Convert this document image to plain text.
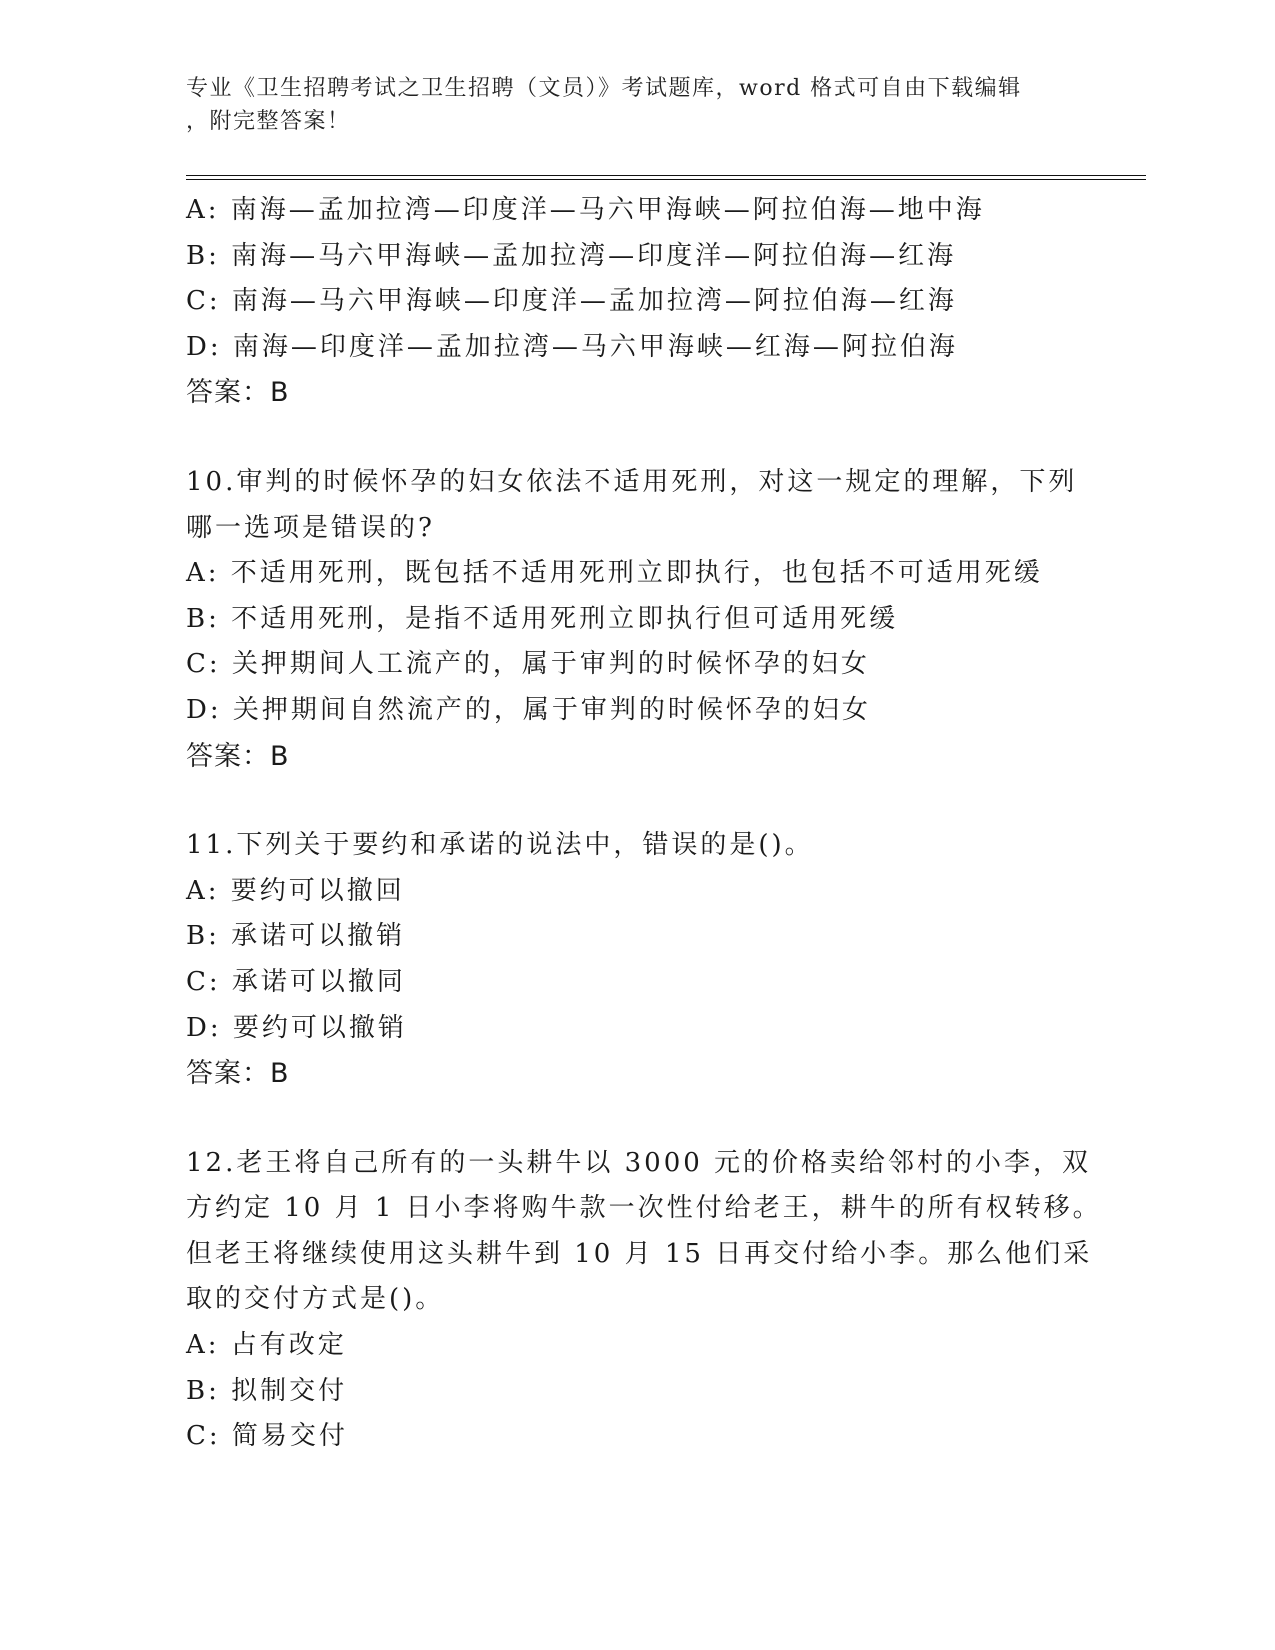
专业《卫生招聘考试之卫生招聘（文员）》考试题库，word 格式可自由下载编辑
，附完整答案！
A: 南海—孟加拉湾—印度洋—马六甲海峡—阿拉伯海—地中海
B: 南海—马六甲海峡—孟加拉湾—印度洋—阿拉伯海—红海
C: 南海—马六甲海峡—印度洋—孟加拉湾—阿拉伯海—红海
D: 南海—印度洋—孟加拉湾—马六甲海峡—红海—阿拉伯海
答案：B
10.审判的时候怀孕的妇女依法不适用死刑，对这一规定的理解，下列
哪一选项是错误的?
A: 不适用死刑，既包括不适用死刑立即执行，也包括不可适用死缓
B: 不适用死刑，是指不适用死刑立即执行但可适用死缓
C: 关押期间人工流产的，属于审判的时候怀孕的妇女
D: 关押期间自然流产的，属于审判的时候怀孕的妇女
答案：B
11.下列关于要约和承诺的说法中，错误的是()。
A: 要约可以撤回
B: 承诺可以撤销
C: 承诺可以撤同
D: 要约可以撤销
答案：B
12.老王将自己所有的一头耕牛以 3000 元的价格卖给邻村的小李，双
方约定 10 月 1 日小李将购牛款一次性付给老王，耕牛的所有权转移。
但老王将继续使用这头耕牛到 10 月 15 日再交付给小李。那么他们采
取的交付方式是()。
A: 占有改定
B: 拟制交付
C: 简易交付
